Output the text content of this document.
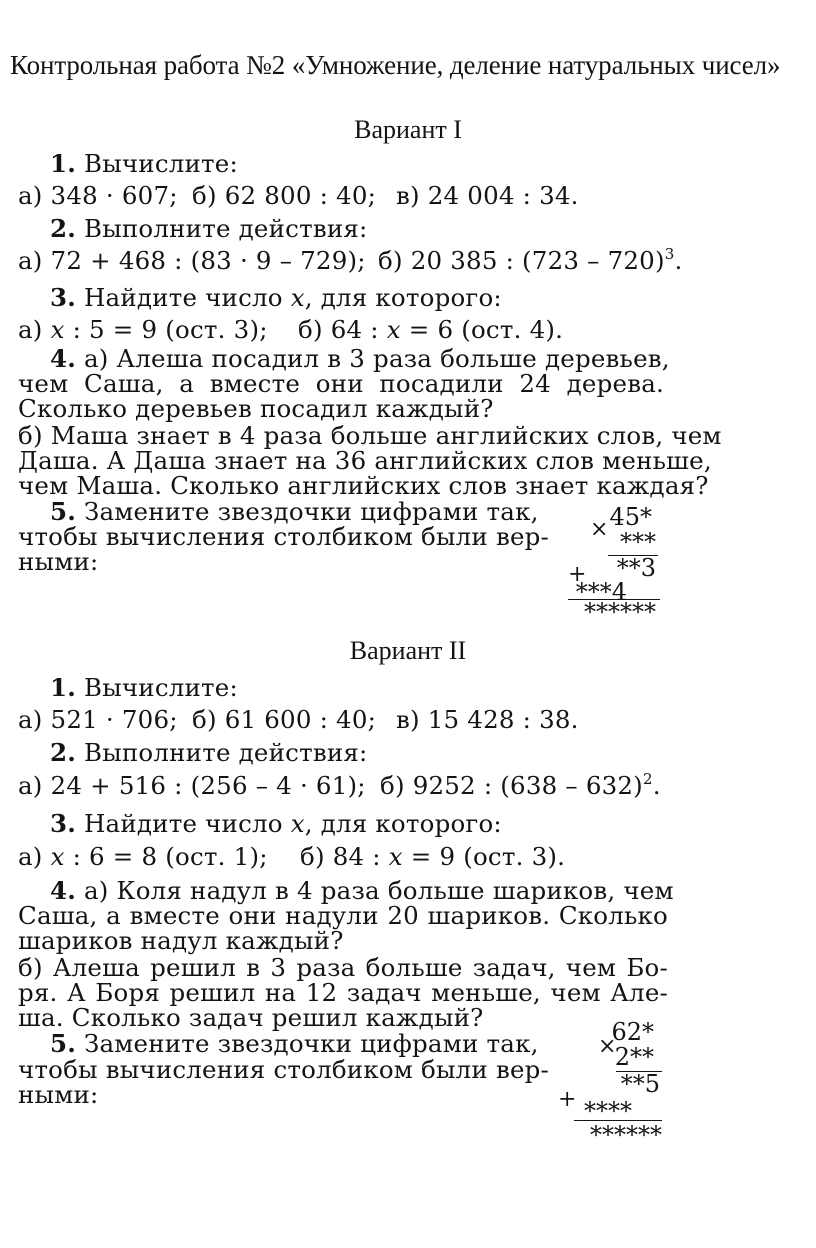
Контрольная работа №2 «Умножение, деление натуральных чисел»
Вариант I
1. Вычислите:
а) 348 · 607; б) 62 800 : 40; в) 24 004 : 34.
2. Выполните действия:
а) 72 + 468 : (83 · 9 – 729); б) 20 385 : (723 – 720)$^3$.
3. Найдите число x, для которого:
а) x : 5 = 9 (ост. 3); б) 64 : x = 6 (ост. 4).
4. а) Алеша посадил в 3 раза больше деревьев,
чем Саша, а вместе они посадили 24 дерева.
Сколько деревьев посадил каждый?
б) Маша знает в 4 раза больше английских слов, чем
Даша. А Даша знает на 36 английских слов меньше,
чем Маша. Сколько английских слов знает каждая?
5. Замените звездочки цифрами так,
чтобы вычисления столбиком были вер-
ными:
×
+
45*
***
**3
***4
******
Вариант II
1. Вычислите:
а) 521 · 706; б) 61 600 : 40; в) 15 428 : 38.
2. Выполните действия:
а) 24 + 516 : (256 – 4 · 61); б) 9252 : (638 – 632)$^2$.
3. Найдите число x, для которого:
а) x : 6 = 8 (ост. 1); б) 84 : x = 9 (ост. 3).
4. а) Коля надул в 4 раза больше шариков, чем
Саша, а вместе они надули 20 шариков. Сколько
шариков надул каждый?
б) Алеша решил в 3 раза больше задач, чем Бо-
ря. А Боря решил на 12 задач меньше, чем Але-
ша. Сколько задач решил каждый?
5. Замените звездочки цифрами так,
чтобы вычисления столбиком были вер-
ными:
×
+
62*
2**
**5
****
******
